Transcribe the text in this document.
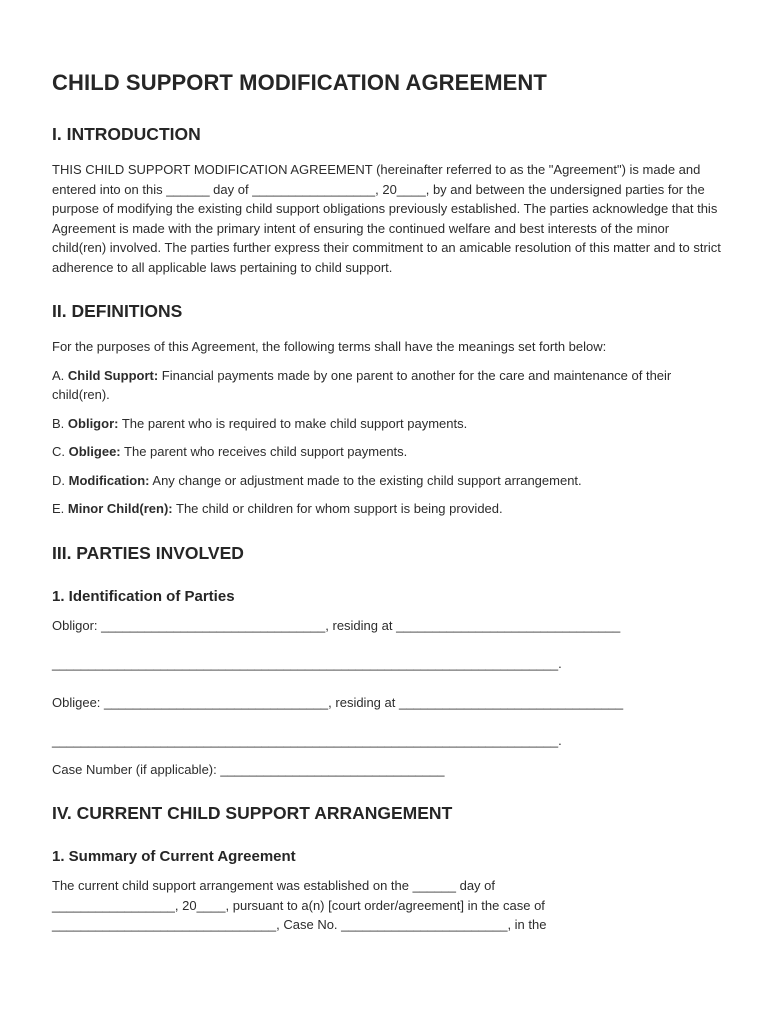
CHILD SUPPORT MODIFICATION AGREEMENT
I. INTRODUCTION

THIS CHILD SUPPORT MODIFICATION AGREEMENT (hereinafter referred to as the "Agreement") is made and entered into on this ______ day of _________________, 20____, by and between the undersigned parties for the purpose of modifying the existing child support obligations previously established. The parties acknowledge that this Agreement is made with the primary intent of ensuring the continued welfare and best interests of the minor child(ren) involved. The parties further express their commitment to an amicable resolution of this matter and to strict adherence to all applicable laws pertaining to child support.

II. DEFINITIONS

For the purposes of this Agreement, the following terms shall have the meanings set forth below:

A. Child Support: Financial payments made by one parent to another for the care and maintenance of their child(ren).

B. Obligor: The parent who is required to make child support payments.

C. Obligee: The parent who receives child support payments.

D. Modification: Any change or adjustment made to the existing child support arrangement.

E. Minor Child(ren): The child or children for whom support is being provided.

III. PARTIES INVOLVED
1. Identification of Parties

Obligor: _______________________________, residing at _______________________________

______________________________________________________________________.

Obligee: _______________________________, residing at _______________________________

______________________________________________________________________.

Case Number (if applicable): _______________________________

IV. CURRENT CHILD SUPPORT ARRANGEMENT
1. Summary of Current Agreement

The current child support arrangement was established on the ______ day of

_________________, 20____, pursuant to a(n) [court order/agreement] in the case of

_______________________________, Case No. _______________________, in the
